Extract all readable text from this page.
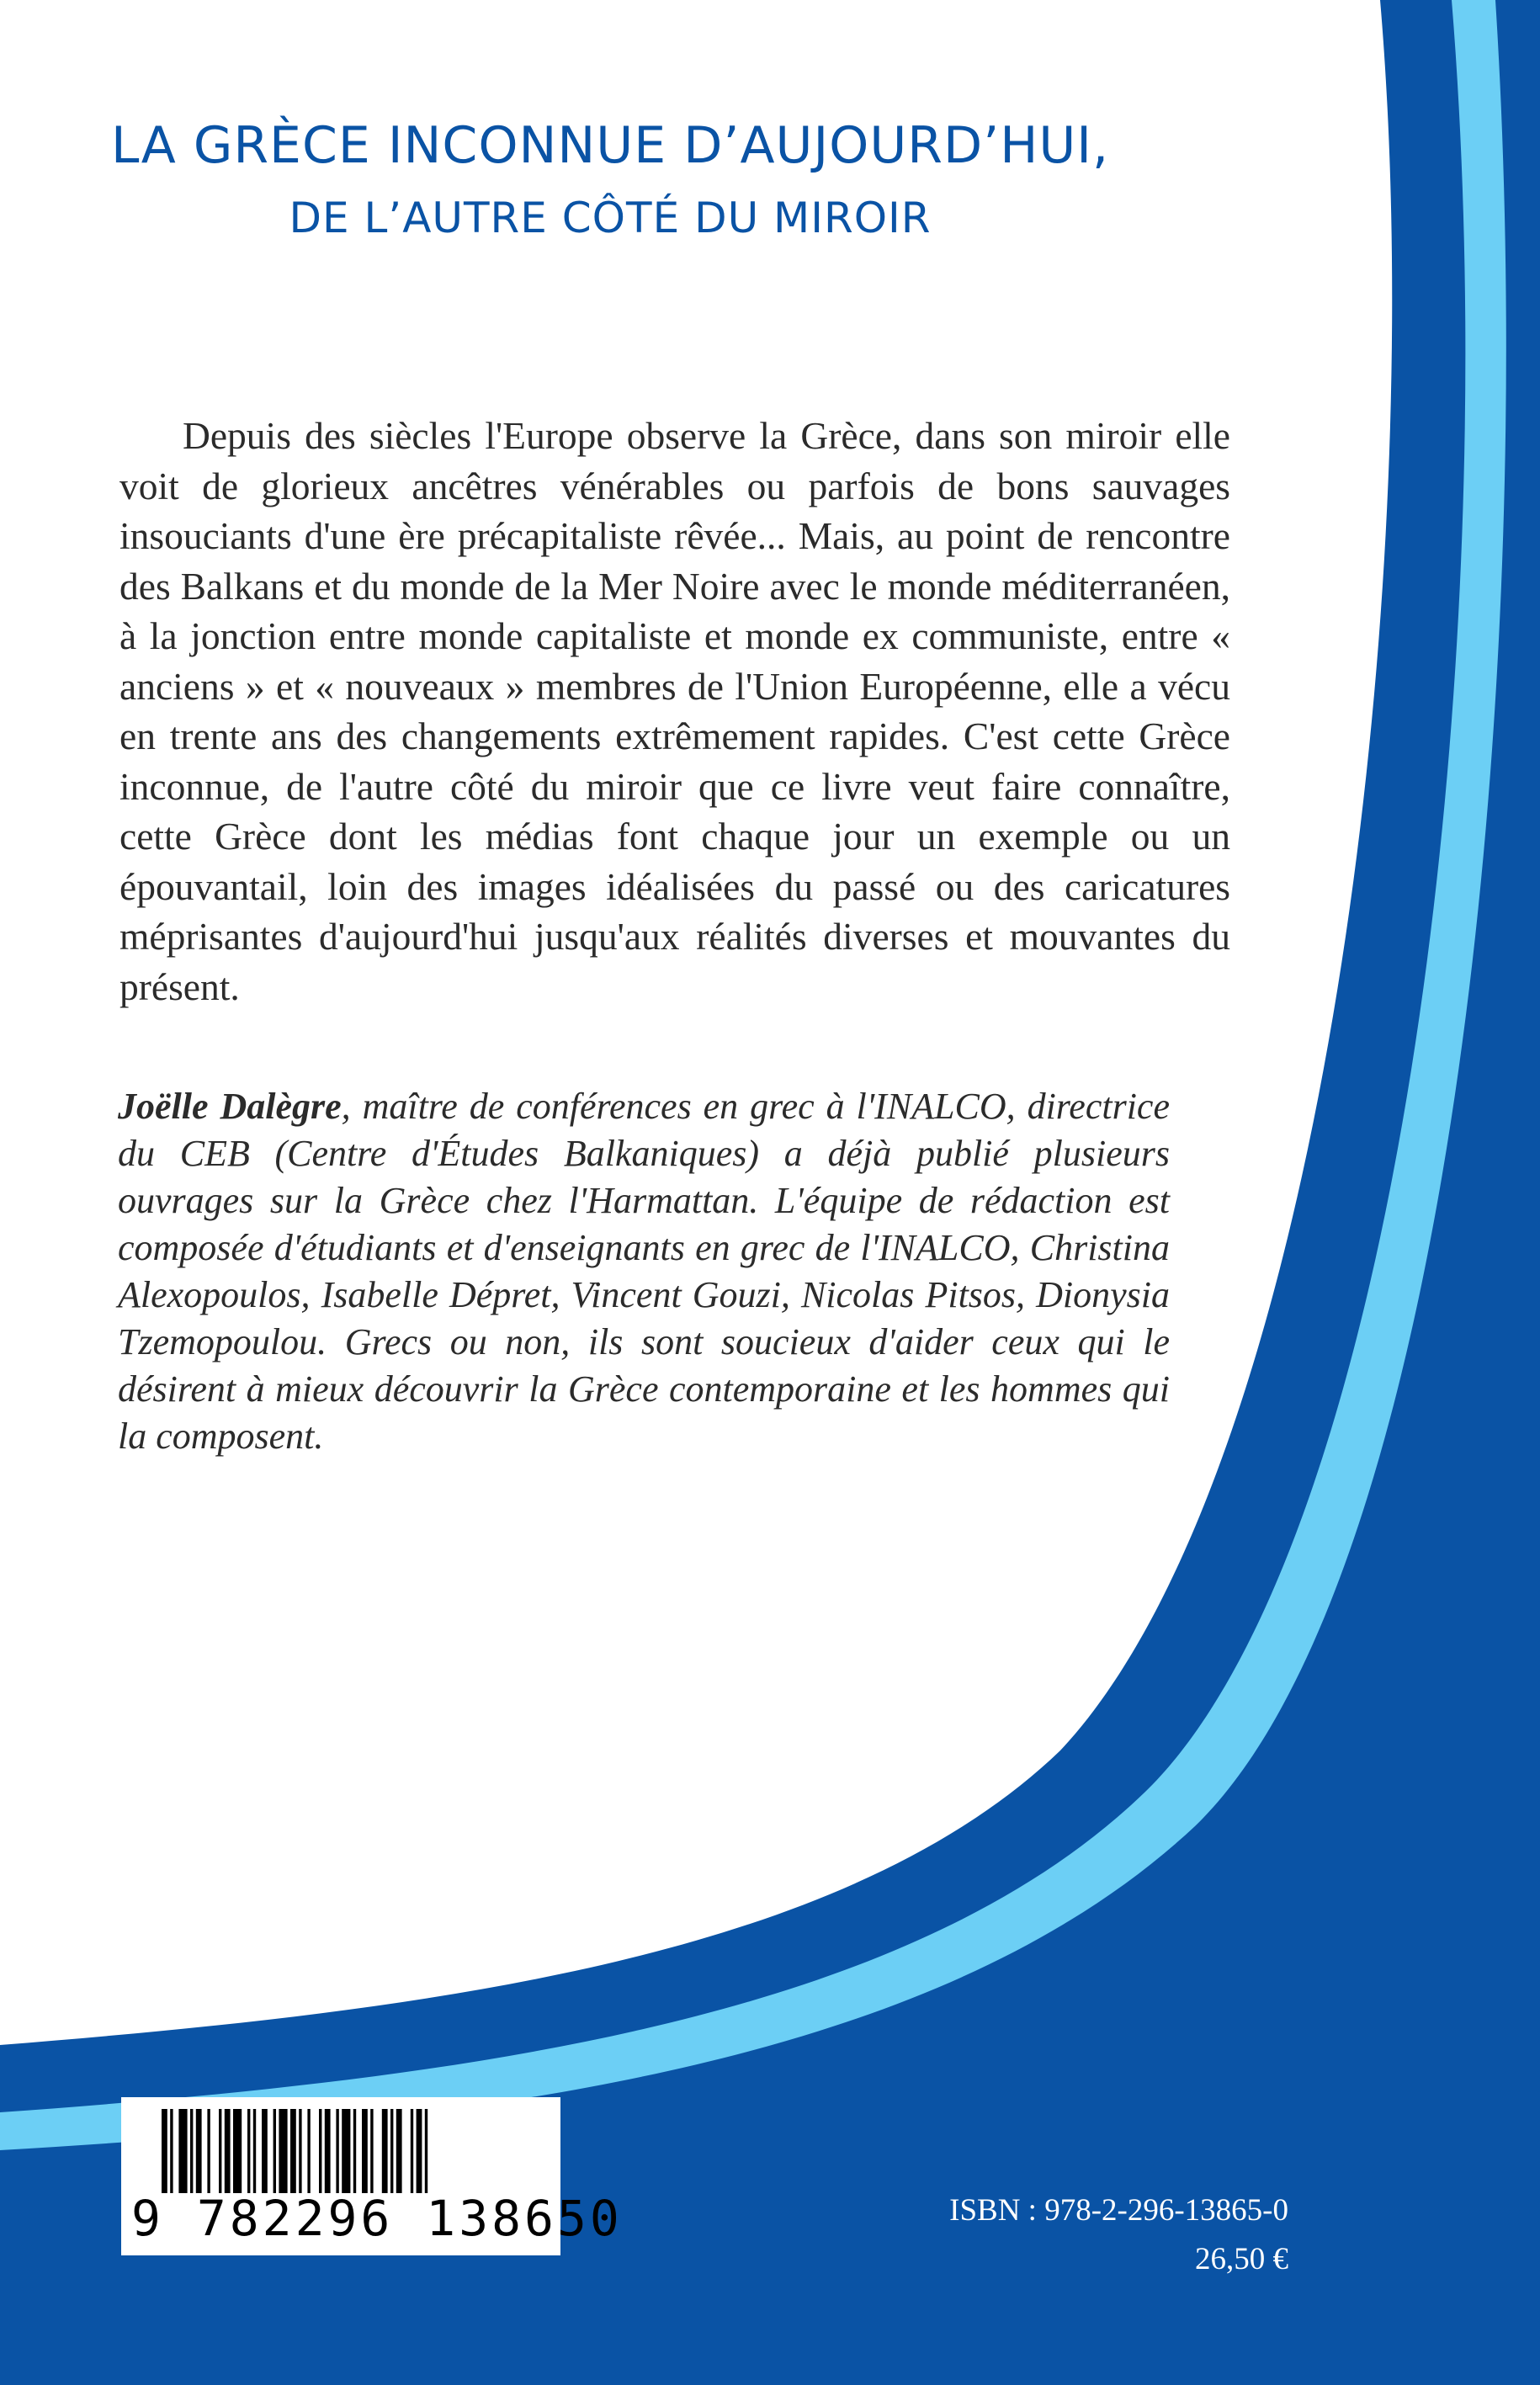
LA GRÈCE INCONNUE D’AUJOURD’HUI,
DE L’AUTRE CÔTÉ DU MIROIR

Depuis des siècles l'Europe observe la Grèce, dans son miroir elle voit de glorieux ancêtres vénérables ou parfois de bons sauvages insouciants d'une ère précapitaliste rêvée... Mais, au point de rencontre des Balkans et du monde de la Mer Noire avec le monde méditerranéen, à la jonction entre monde capitaliste et monde ex communiste, entre « anciens » et « nouveaux » membres de l'Union Européenne, elle a vécu en trente ans des changements extrêmement rapides. C'est cette Grèce inconnue, de l'autre côté du miroir que ce livre veut faire connaître, cette Grèce dont les médias font chaque jour un exemple ou un épouvantail, loin des images idéalisées du passé ou des caricatures méprisantes d'aujourd'hui jusqu'aux réalités diverses et mouvantes du présent.

Joëlle Dalègre, maître de conférences en grec à l'INALCO, directrice du CEB (Centre d'Études Balkaniques) a déjà publié plusieurs ouvrages sur la Grèce chez l'Harmattan. L'équipe de rédaction est composée d'étudiants et d'enseignants en grec de l'INALCO, Christina Alexopoulos, Isabelle Dépret, Vincent Gouzi, Nicolas Pitsos, Dionysia Tzemopoulou. Grecs ou non, ils sont soucieux d'aider ceux qui le désirent à mieux découvrir la Grèce contemporaine et les hommes qui la composent.

9 782296 138650	ISBN : 978-2-296-13865-0
26,50 €
